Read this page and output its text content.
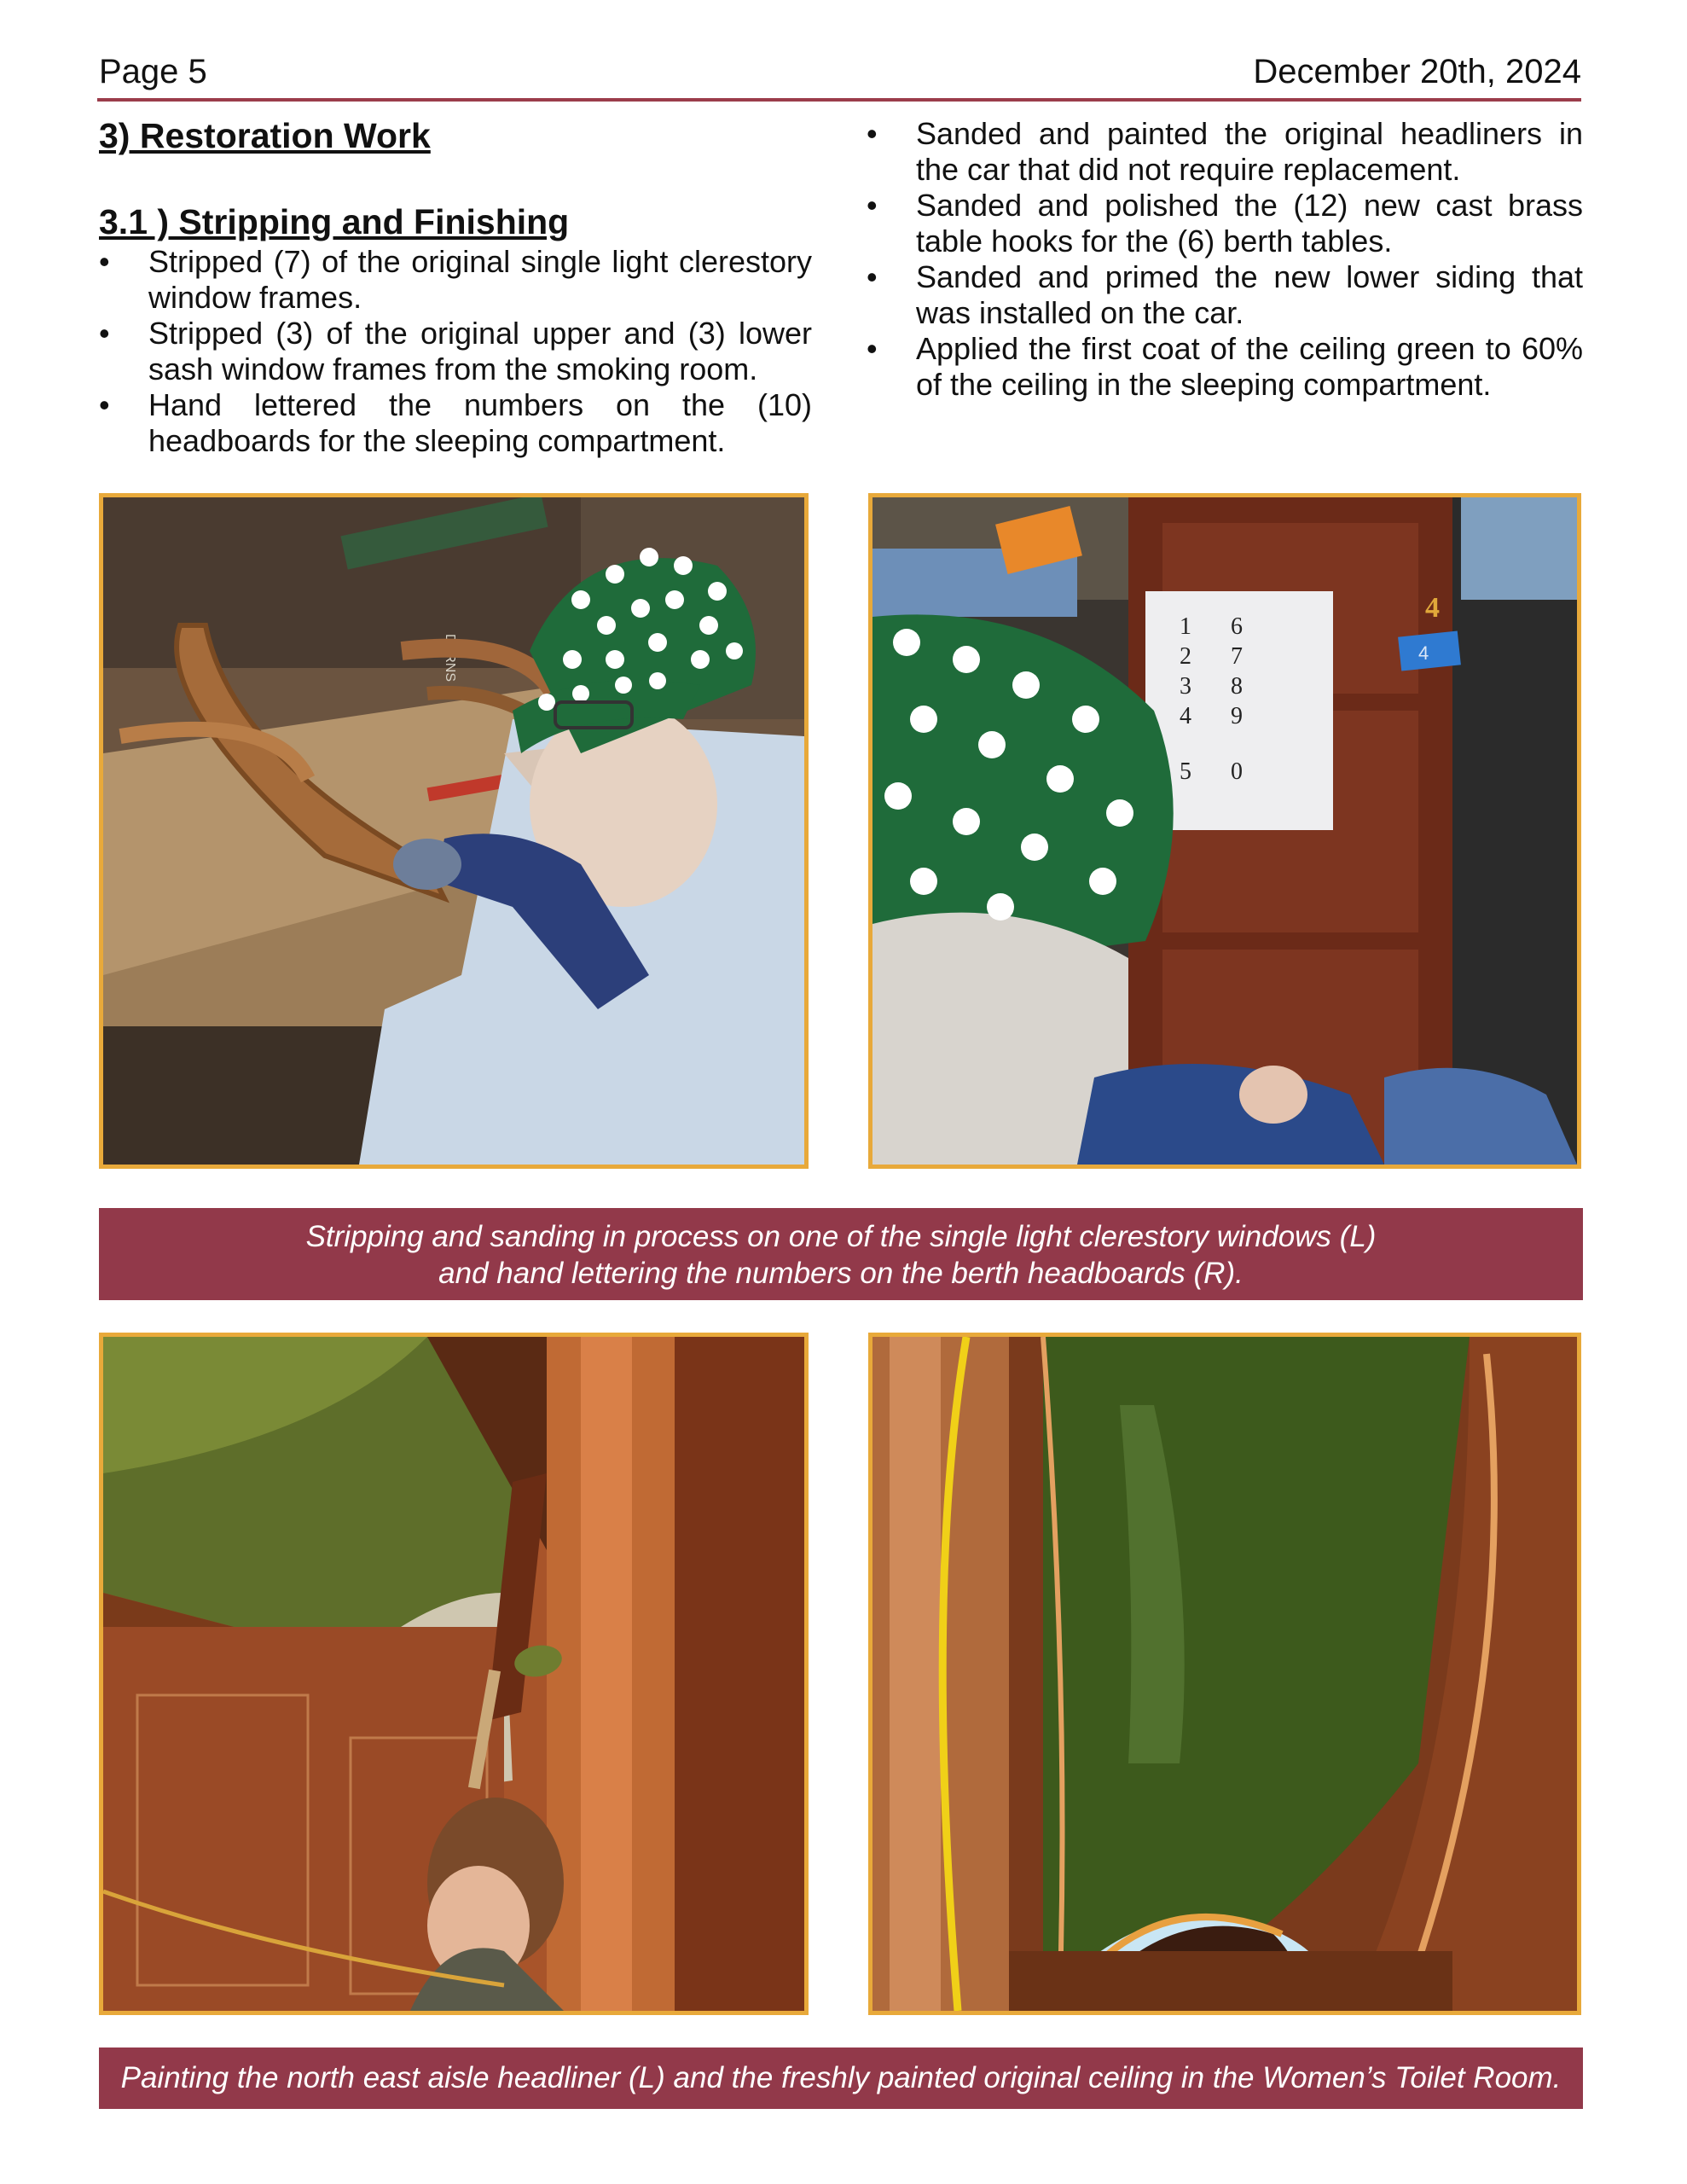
Page 5	December 20th, 2024
3) Restoration Work
3.1 ) Stripping and Finishing
• Stripped (7) of the original single light clerestory window frames.
• Stripped (3) of the original upper and (3) lower sash window frames from the smoking room.
• Hand lettered the numbers on the (10) headboards for the sleeping compartment.
• Sanded and painted the original headliners in the car that did not require replacement.
• Sanded and polished the (12) new cast brass table hooks for the (6) berth tables.
• Sanded and primed the new lower siding that was installed on the car.
• Applied the first coat of the ceiling green to 60% of the ceiling in the sleeping compartment.
DARNS
1 6
2 7
3 8
4 9
5 0
4
4
Stripping and sanding in process on one of the single light clerestory windows (L)
and hand lettering the numbers on the berth headboards (R).
Painting the north east aisle headliner (L) and the freshly painted original ceiling in the Women’s Toilet Room.
